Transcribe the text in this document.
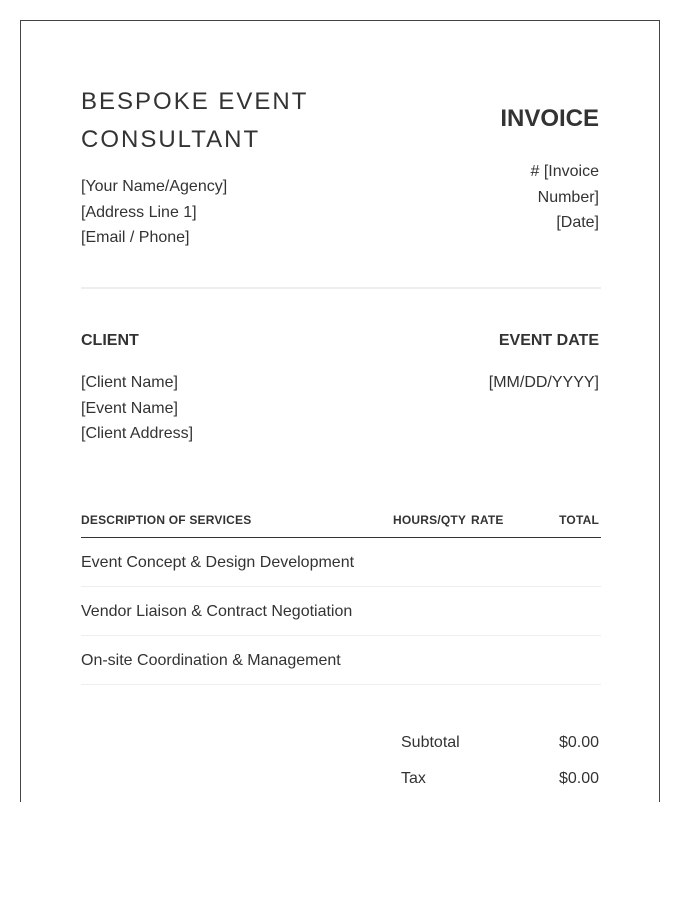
BESPOKE EVENT
CONSULTANT
[Your Name/Agency]
[Address Line 1]
[Email / Phone]
INVOICE
# [Invoice
Number]
[Date]
CLIENT	EVENT DATE
[Client Name]
[Event Name]
[Client Address]
[MM/DD/YYYY]
DESCRIPTION OF SERVICES	HOURS/QTY RATE	TOTAL
Event Concept & Design Development
Vendor Liaison & Contract Negotiation
On-site Coordination & Management
Subtotal	$0.00
Tax	$0.00
